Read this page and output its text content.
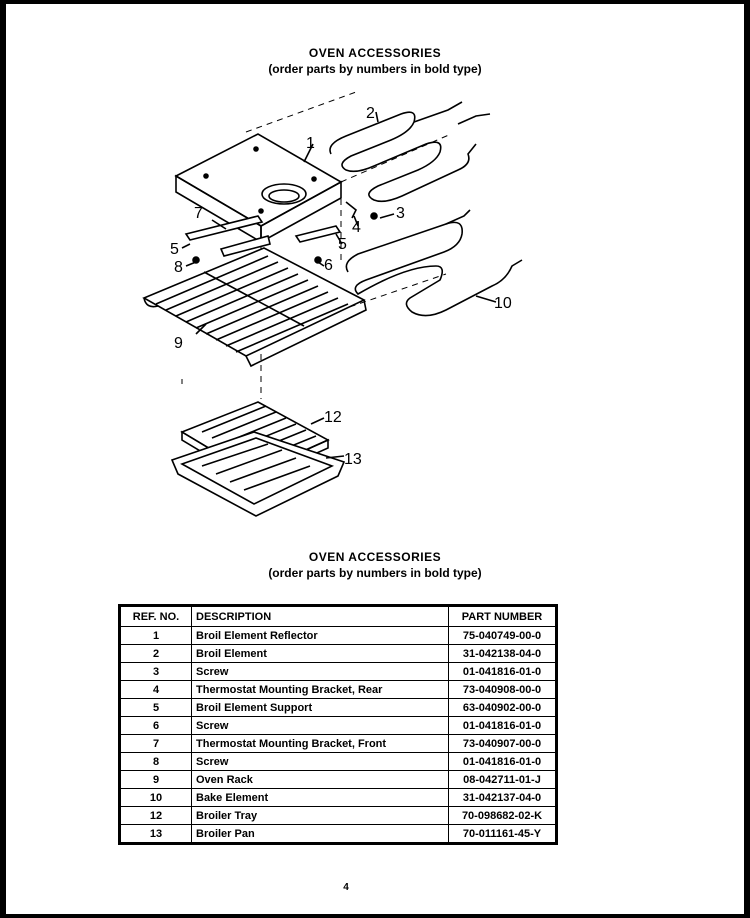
OVEN ACCESSORIES
(order parts by numbers in bold type)
2
1
3
4
5	5
6
7
8
9
10
12
13
OVEN ACCESSORIES
(order parts by numbers in bold type)
REF. NO.	DESCRIPTION	PART NUMBER
1	Broil Element Reflector	75-040749-00-0
2	Broil Element	31-042138-04-0
3	Screw	01-041816-01-0
4	Thermostat Mounting Bracket, Rear	73-040908-00-0
5	Broil Element Support	63-040902-00-0
6	Screw	01-041816-01-0
7	Thermostat Mounting Bracket, Front	73-040907-00-0
8	Screw	01-041816-01-0
9	Oven Rack	08-042711-01-J
10	Bake Element	31-042137-04-0
12	Broiler Tray	70-098682-02-K
13	Broiler Pan	70-011161-45-Y
4
